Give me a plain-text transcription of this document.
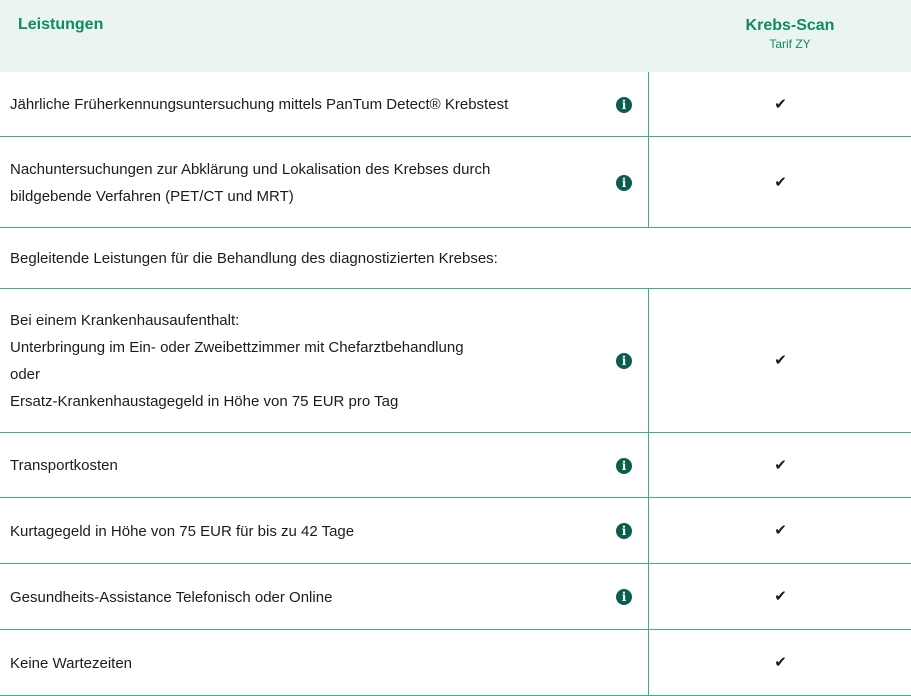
Leistungen	Krebs-Scan
Tarif ZY
Jährliche Früherkennungsuntersuchung mittels PanTum Detect® Krebstest	i	✔
Nachuntersuchungen zur Abklärung und Lokalisation des Krebses durch
bildgebende Verfahren (PET/CT und MRT)
i	✔
Begleitende Leistungen für die Behandlung des diagnostizierten Krebses:
Bei einem Krankenhausaufenthalt:
Unterbringung im Ein- oder Zweibettzimmer mit Chefarztbehandlung
oder
Ersatz-Krankenhaustagegeld in Höhe von 75 EUR pro Tag
i	✔
Transportkosten	i	✔
Kurtagegeld in Höhe von 75 EUR für bis zu 42 Tage	i	✔
Gesundheits-Assistance Telefonisch oder Online	i	✔
Keine Wartezeiten	✔
